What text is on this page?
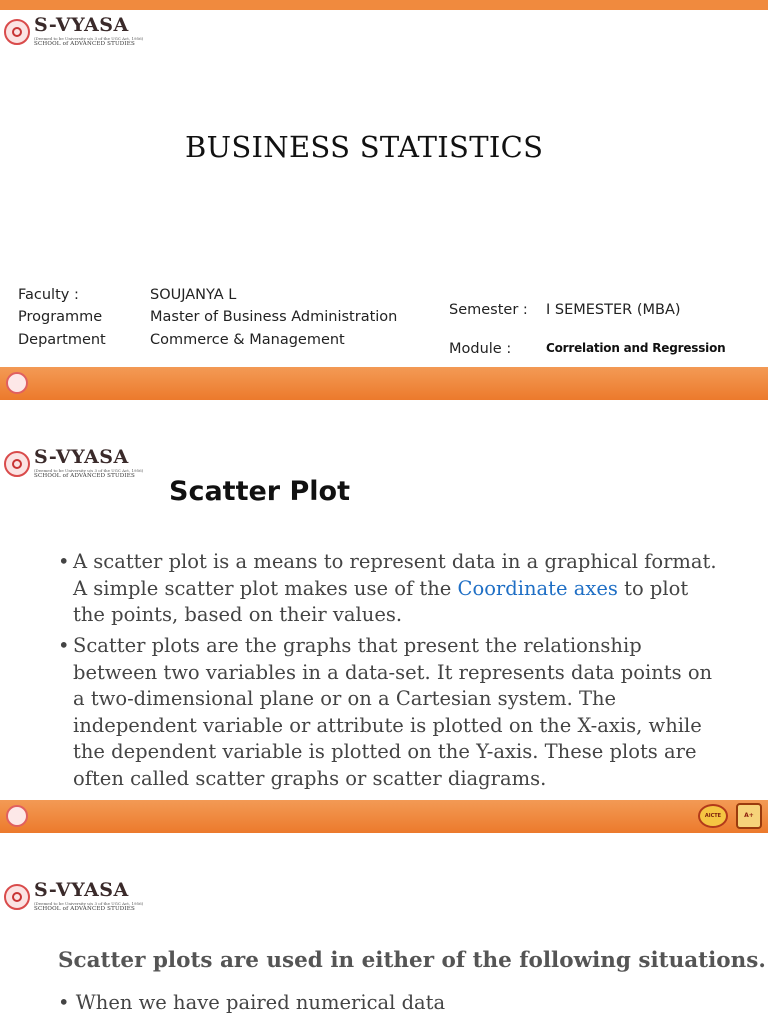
S-VYASA
(Deemed to be University u/s 3 of the UGC Act, 1956)
SCHOOL of ADVANCED STUDIES
BUSINESS STATISTICS
Faculty :	SOUJANYA L
Programme	Master of Business Administration
Department	Commerce & Management
Semester : I SEMESTER (MBA)
Module :	Correlation and Regression
S-VYASA
(Deemed to be University u/s 3 of the UGC Act, 1956)
SCHOOL of ADVANCED STUDIES Scatter Plot
• A scatter plot is a means to represent data in a graphical format. A simple scatter plot makes use of the Coordinate axes to plot the points, based on their values.
• Scatter plots are the graphs that present the relationship between two variables in a data-set. It represents data points on a two-dimensional plane or on a Cartesian system. The independent variable or attribute is plotted on the X-axis, while the dependent variable is plotted on the Y-axis. These plots are often called scatter graphs or scatter diagrams.
AICTE	A+
S-VYASA
(Deemed to be University u/s 3 of the UGC Act, 1956)
SCHOOL of ADVANCED STUDIES
Scatter plots are used in either of the following situations.
• When we have paired numerical data
